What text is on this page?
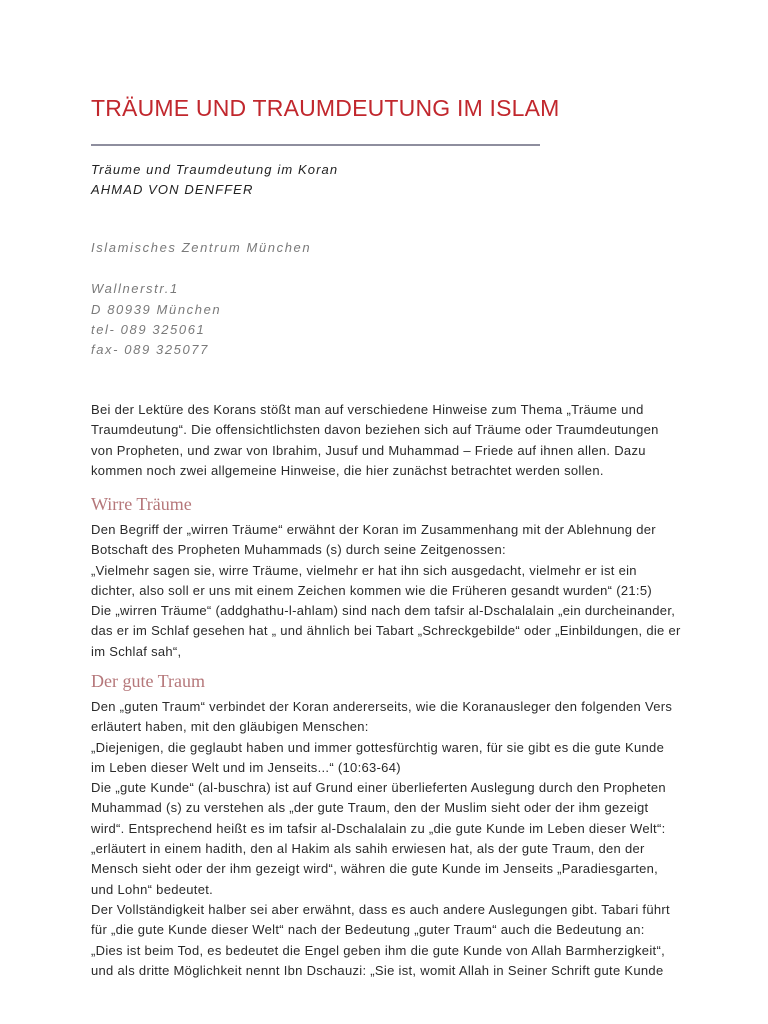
TRÄUME UND TRAUMDEUTUNG IM ISLAM
Träume und Traumdeutung im Koran
AHMAD VON DENFFER
Islamisches Zentrum München
Wallnerstr.1
D 80939 München
tel- 089 325061
fax- 089 325077
Bei der Lektüre des Korans stößt man auf verschiedene Hinweise zum Thema „Träume und
Traumdeutung“. Die offensichtlichsten davon beziehen sich auf Träume oder Traumdeutungen
von Propheten, und zwar von Ibrahim, Jusuf und Muhammad – Friede auf ihnen allen. Dazu
kommen noch zwei allgemeine Hinweise, die hier zunächst betrachtet werden sollen.
Wirre Träume
Den Begriff der „wirren Träume“ erwähnt der Koran im Zusammenhang mit der Ablehnung der
Botschaft des Propheten Muhammads (s) durch seine Zeitgenossen:
„Vielmehr sagen sie, wirre Träume, vielmehr er hat ihn sich ausgedacht, vielmehr er ist ein
dichter, also soll er uns mit einem Zeichen kommen wie die Früheren gesandt wurden“ (21:5)
Die „wirren Träume“ (addghathu-l-ahlam) sind nach dem tafsir al-Dschalalain „ein durcheinander,
das er im Schlaf gesehen hat „ und ähnlich bei Tabart „Schreckgebilde“ oder „Einbildungen, die er
im Schlaf sah“,
Der gute Traum
Den „guten Traum“ verbindet der Koran andererseits, wie die Koranausleger den folgenden Vers
erläutert haben, mit den gläubigen Menschen:
„Diejenigen, die geglaubt haben und immer gottesfürchtig waren, für sie gibt es die gute Kunde
im Leben dieser Welt und im Jenseits...“ (10:63-64)
Die „gute Kunde“ (al-buschra) ist auf Grund einer überlieferten Auslegung durch den Propheten
Muhammad (s) zu verstehen als „der gute Traum, den der Muslim sieht oder der ihm gezeigt
wird“. Entsprechend heißt es im tafsir al-Dschalalain zu „die gute Kunde im Leben dieser Welt“:
„erläutert in einem hadith, den al Hakim als sahih erwiesen hat, als der gute Traum, den der
Mensch sieht oder der ihm gezeigt wird“, währen die gute Kunde im Jenseits „Paradiesgarten,
und Lohn“ bedeutet.
Der Vollständigkeit halber sei aber erwähnt, dass es auch andere Auslegungen gibt. Tabari führt
für „die gute Kunde dieser Welt“ nach der Bedeutung „guter Traum“ auch die Bedeutung an:
„Dies ist beim Tod, es bedeutet die Engel geben ihm die gute Kunde von Allah Barmherzigkeit“,
und als dritte Möglichkeit nennt Ibn Dschauzi: „Sie ist, womit Allah in Seiner Schrift gute Kunde
